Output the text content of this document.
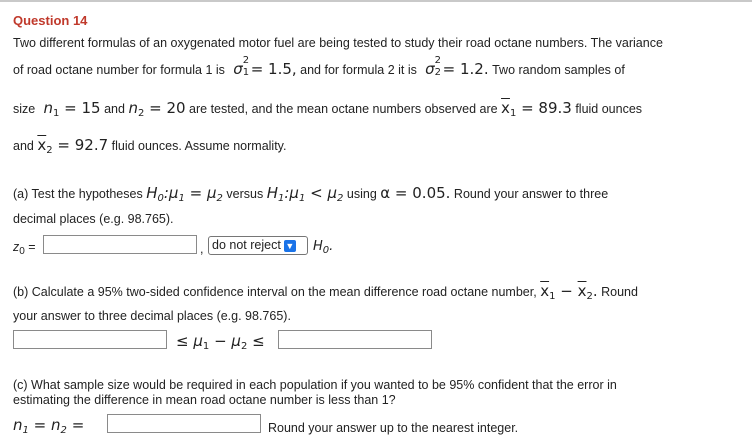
Question 14
Two different formulas of an oxygenated motor fuel are being tested to study their road octane numbers. The variance
of road octane number for formula 1 is σ 2
1 = 1.5, and for formula 2 it is σ 2
2 = 1.2. Two random samples of
size $n_1 = 15$ and $n_2 = 20$ are tested, and the mean octane numbers observed are $\overline{x}_1 = 89.3$ fluid ounces
and $\overline{x}_2 = 92.7$ fluid ounces. Assume normality.
(a) Test the hypotheses $H_0:\mu_1 = \mu_2$ versus $H_1:\mu_1 < \mu_2$ using α = 0.05. Round your answer to three
decimal places (e.g. 98.765).
$z_0$ =	, do not reject ▼	$H_0$.
(b) Calculate a 95% two-sided confidence interval on the mean difference road octane number, $\overline{x}_1 - \overline{x}_2$. Round
your answer to three decimal places (e.g. 98.765).
≤ $\mu_1 - \mu_2$ ≤
(c) What sample size would be required in each population if you wanted to be 95% confident that the error in
estimating the difference in mean road octane number is less than 1?
$n_1 = n_2$ =	Round your answer up to the nearest integer.
